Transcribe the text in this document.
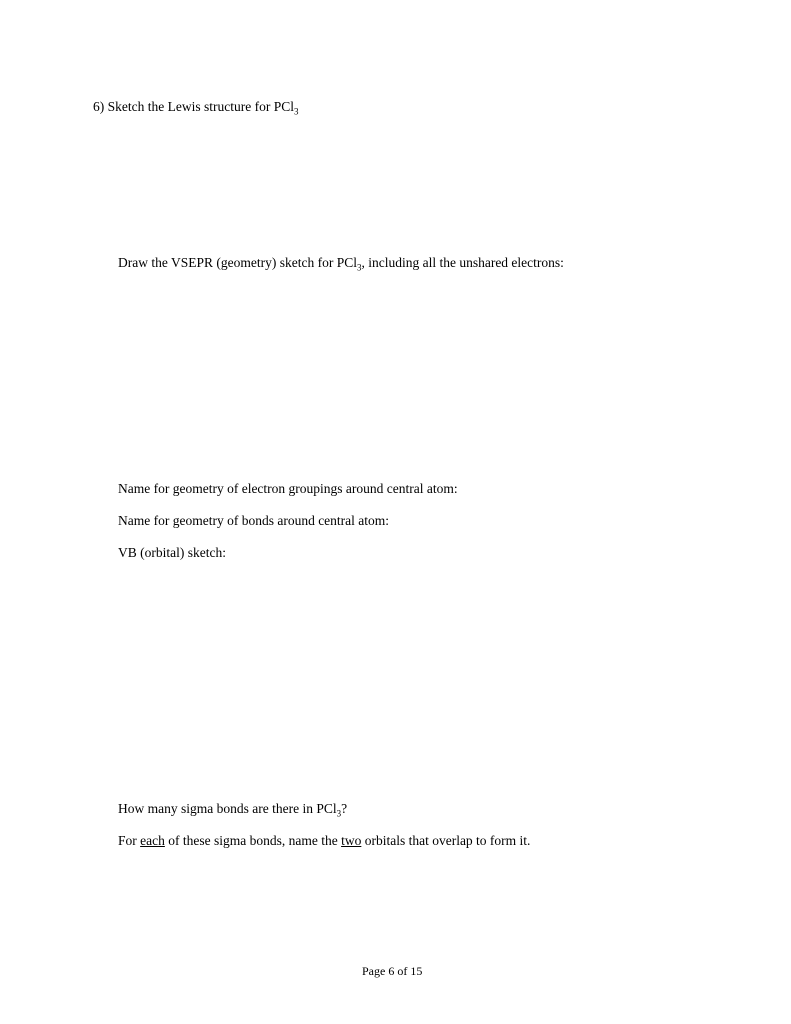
6) Sketch the Lewis structure for PCl$_3$

Draw the VSEPR (geometry) sketch for PCl$_3$, including all the unshared electrons:

Name for geometry of electron groupings around central atom:

Name for geometry of bonds around central atom:

VB (orbital) sketch:

How many sigma bonds are there in PCl$_3$?

For each of these sigma bonds, name the two orbitals that overlap to form it.

Page 6 of 15
